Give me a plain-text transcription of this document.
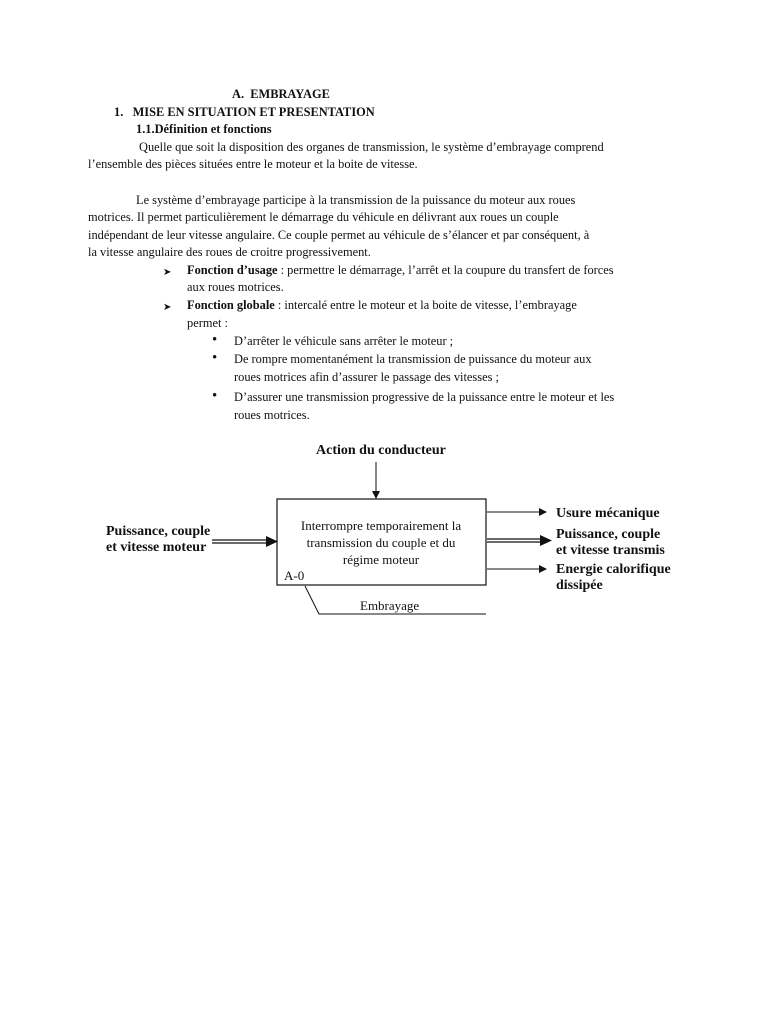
A. EMBRAYAGE
1. MISE EN SITUATION ET PRESENTATION
1.1.Définition et fonctions
Quelle que soit la disposition des organes de transmission, le système d’embrayage comprend
l’ensemble des pièces situées entre le moteur et la boite de vitesse.
Le système d’embrayage participe à la transmission de la puissance du moteur aux roues
motrices. Il permet particulièrement le démarrage du véhicule en délivrant aux roues un couple
indépendant de leur vitesse angulaire. Ce couple permet au véhicule de s’élancer et par conséquent, à
la vitesse angulaire des roues de croitre progressivement.
➤ Fonction d’usage : permettre le démarrage, l’arrêt et la coupure du transfert de forces
aux roues motrices.
➤ Fonction globale : intercalé entre le moteur et la boite de vitesse, l’embrayage
permet :
• D’arrêter le véhicule sans arrêter le moteur ;
• De rompre momentanément la transmission de puissance du moteur aux
roues motrices afin d’assurer le passage des vitesses ;
• D’assurer une transmission progressive de la puissance entre le moteur et les
roues motrices.
Action du conducteur
Puissance, couple
et vitesse moteur
Interrompre temporairement la
transmission du couple et du
régime moteur
A-0
Embrayage
Usure mécanique
Puissance, couple
et vitesse transmis
Energie calorifique
dissipée
